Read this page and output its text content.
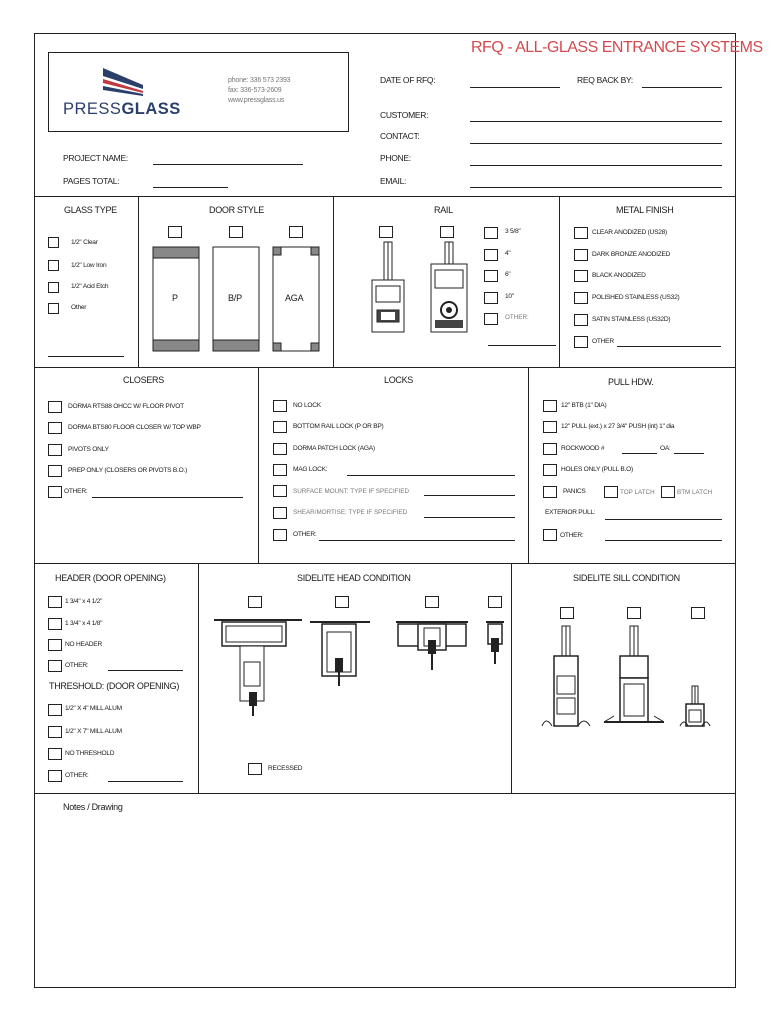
RFQ - ALL-GLASS ENTRANCE SYSTEMS
PRESSGLASS
phone: 336 573 2393
fax: 336-573-2609
www.pressglass.us
DATE OF RFQ:	REQ BACK BY:
CUSTOMER:
CONTACT:
PHONE:
EMAIL:
PROJECT NAME:
PAGES TOTAL:
GLASS TYPE
1/2" Clear
1/2" Low Iron
1/2" Acid Etch
Other
DOOR STYLE
P	B/P	AGA
RAIL
3 5/8"
4"
6"
10"
OTHER:
METAL FINISH
CLEAR ANODIZED (US28)
DARK BRONZE ANODIZED
BLACK ANODIZED
POLISHED STAINLESS (US32)
SATIN STAINLESS (US32D)
OTHER
CLOSERS
DORMA RTS88 OHCC W/ FLOOR PIVOT
DORMA BTS80 FLOOR CLOSER W/ TOP WBP
PIVOTS ONLY
PREP ONLY (CLOSERS OR PIVOTS B.O.)
OTHER:
LOCKS
NO LOCK
BOTTOM RAIL LOCK (P OR BP)
DORMA PATCH LOCK (AGA)
MAG LOCK:
SURFACE MOUNT: TYPE IF SPECIFIED
SHEAR/MORTISE: TYPE IF SPECIFIED
OTHER:
PULL HDW.
12" BTB (1" DIA)
12" PULL (ext.) x 27 3/4" PUSH (int) 1" dia
ROCKWOOD #	OA:
HOLES ONLY (PULL B.O)
PANICS	TOP LATCH	BTM LATCH
EXTERIOR PULL:
OTHER:
HEADER (DOOR OPENING)
1 3/4" x 4 1/2"
1 3/4" x 4 1/8"
NO HEADER
OTHER:
THRESHOLD: (DOOR OPENING)
1/2" X 4" MILL ALUM
1/2" X 7" MILL ALUM
NO THRESHOLD
OTHER:
SIDELITE HEAD CONDITION
RECESSED
SIDELITE SILL CONDITION
Notes / Drawing
